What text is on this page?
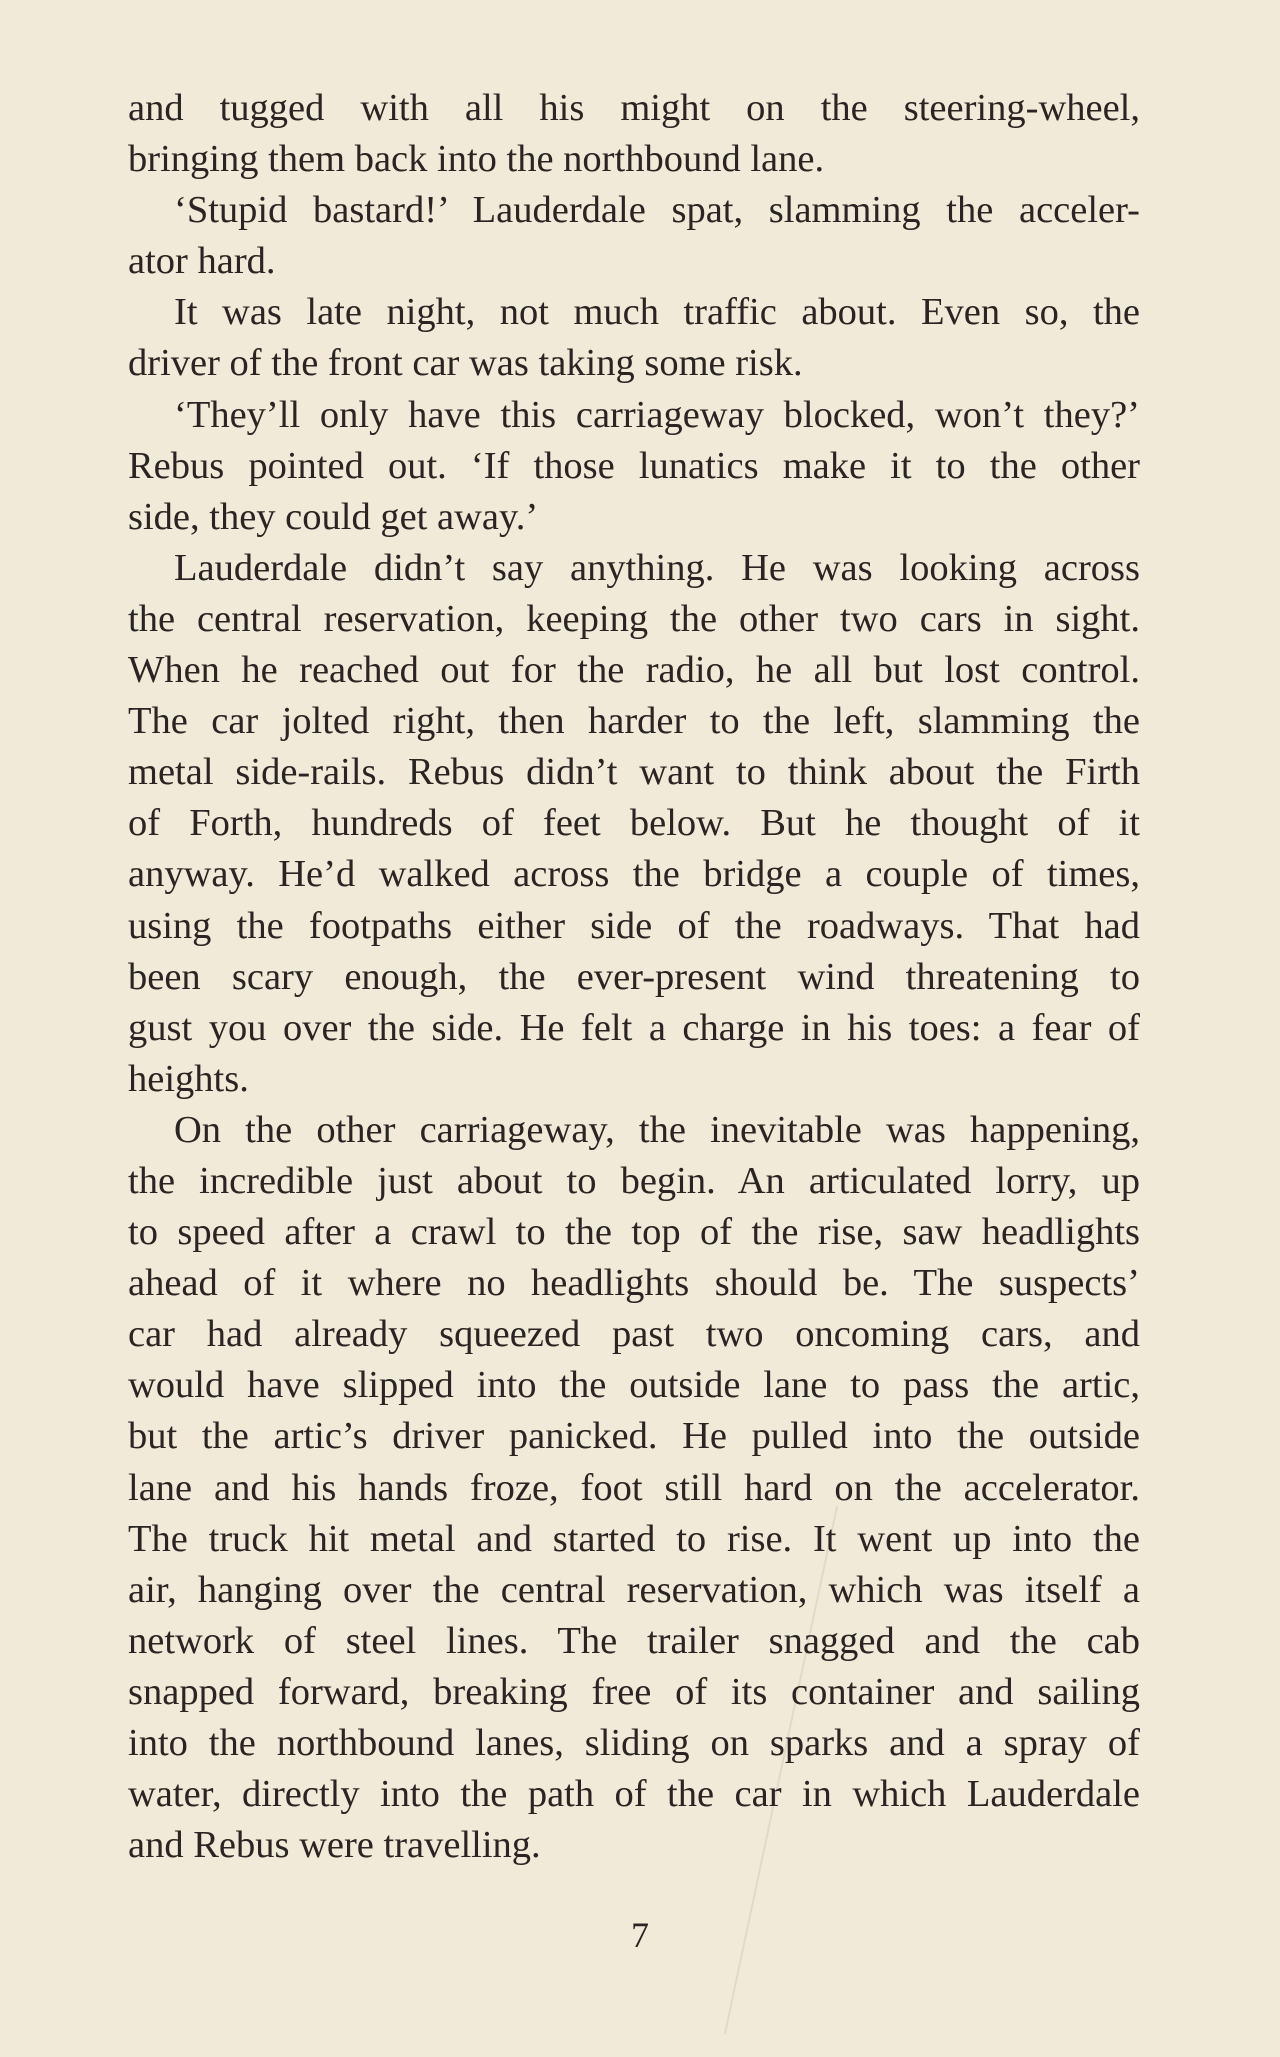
and tugged with all his might on the steering-wheel,
bringing them back into the northbound lane.
‘Stupid bastard!’ Lauderdale spat, slamming the acceler-
ator hard.
It was late night, not much traffic about. Even so, the
driver of the front car was taking some risk.
‘They’ll only have this carriageway blocked, won’t they?’
Rebus pointed out. ‘If those lunatics make it to the other
side, they could get away.’
Lauderdale didn’t say anything. He was looking across
the central reservation, keeping the other two cars in sight.
When he reached out for the radio, he all but lost control.
The car jolted right, then harder to the left, slamming the
metal side-rails. Rebus didn’t want to think about the Firth
of Forth, hundreds of feet below. But he thought of it
anyway. He’d walked across the bridge a couple of times,
using the footpaths either side of the roadways. That had
been scary enough, the ever-present wind threatening to
gust you over the side. He felt a charge in his toes: a fear of
heights.
On the other carriageway, the inevitable was happening,
the incredible just about to begin. An articulated lorry, up
to speed after a crawl to the top of the rise, saw headlights
ahead of it where no headlights should be. The suspects’
car had already squeezed past two oncoming cars, and
would have slipped into the outside lane to pass the artic,
but the artic’s driver panicked. He pulled into the outside
lane and his hands froze, foot still hard on the accelerator.
The truck hit metal and started to rise. It went up into the
air, hanging over the central reservation, which was itself a
network of steel lines. The trailer snagged and the cab
snapped forward, breaking free of its container and sailing
into the northbound lanes, sliding on sparks and a spray of
water, directly into the path of the car in which Lauderdale
and Rebus were travelling.
7
